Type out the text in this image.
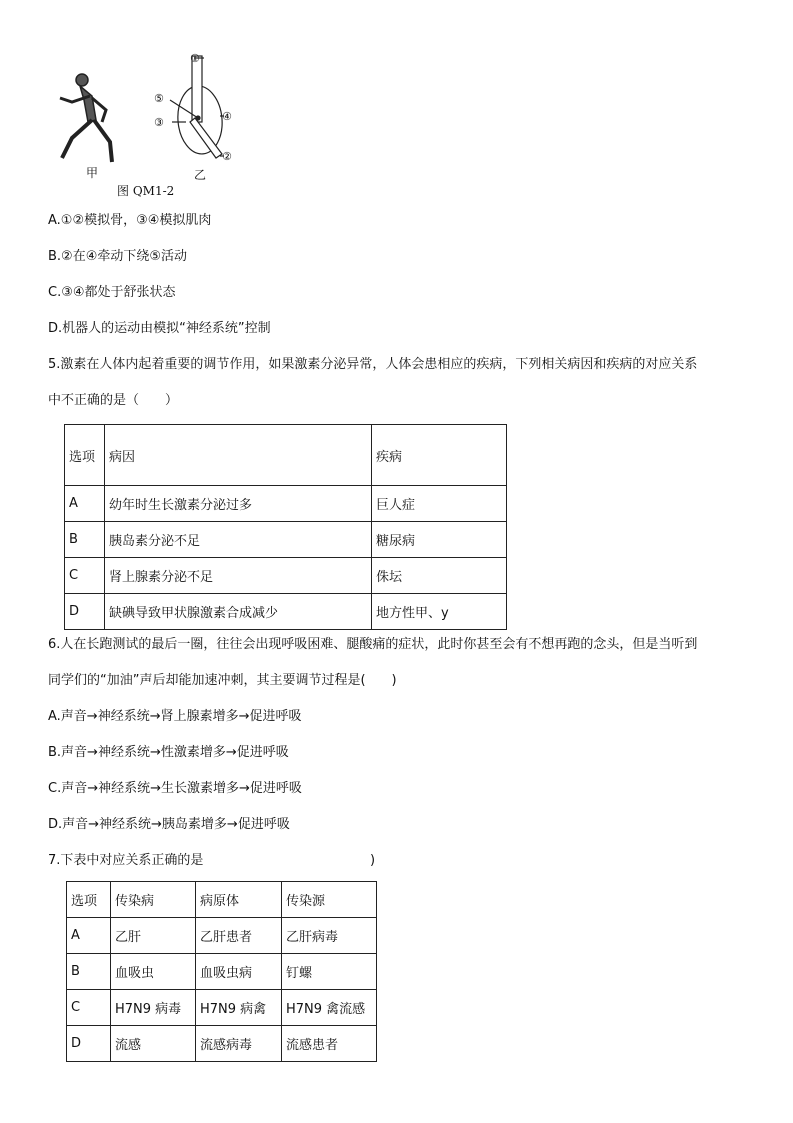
①
②
③	④
⑤
甲	乙
图 QM1-2
A.①②模拟骨，③④模拟肌肉
B.②在④牵动下绕⑤活动
C.③④都处于舒张状态
D.机器人的运动由模拟“神经系统”控制
5.激素在人体内起着重要的调节作用，如果激素分泌异常，人体会患相应的疾病，下列相关病因和疾病的对应关系
中不正确的是（　　）
选项	病因	疾病
A	幼年时生长激素分泌过多	巨人症
B	胰岛素分泌不足	糖尿病
C	肾上腺素分泌不足	侏坛
D	缺碘导致甲状腺激素合成减少	地方性甲、y
6.人在长跑测试的最后一圈，往往会出现呼吸困难、腿酸痛的症状，此时你甚至会有不想再跑的念头，但是当听到
同学们的“加油”声后却能加速冲刺，其主要调节过程是(　　)
A.声音→神经系统→肾上腺素增多→促进呼吸
B.声音→神经系统→性激素增多→促进呼吸
C.声音→神经系统→生长激素增多→促进呼吸
D.声音→神经系统→胰岛素增多→促进呼吸
7.下表中对应关系正确的是	)
选项	传染病	病原体	传染源
A	乙肝	乙肝患者	乙肝病毒
B	血吸虫	血吸虫病	钉螺
C	H7N9 病毒	H7N9 病禽	H7N9 禽流感
D	流感	流感病毒	流感患者
